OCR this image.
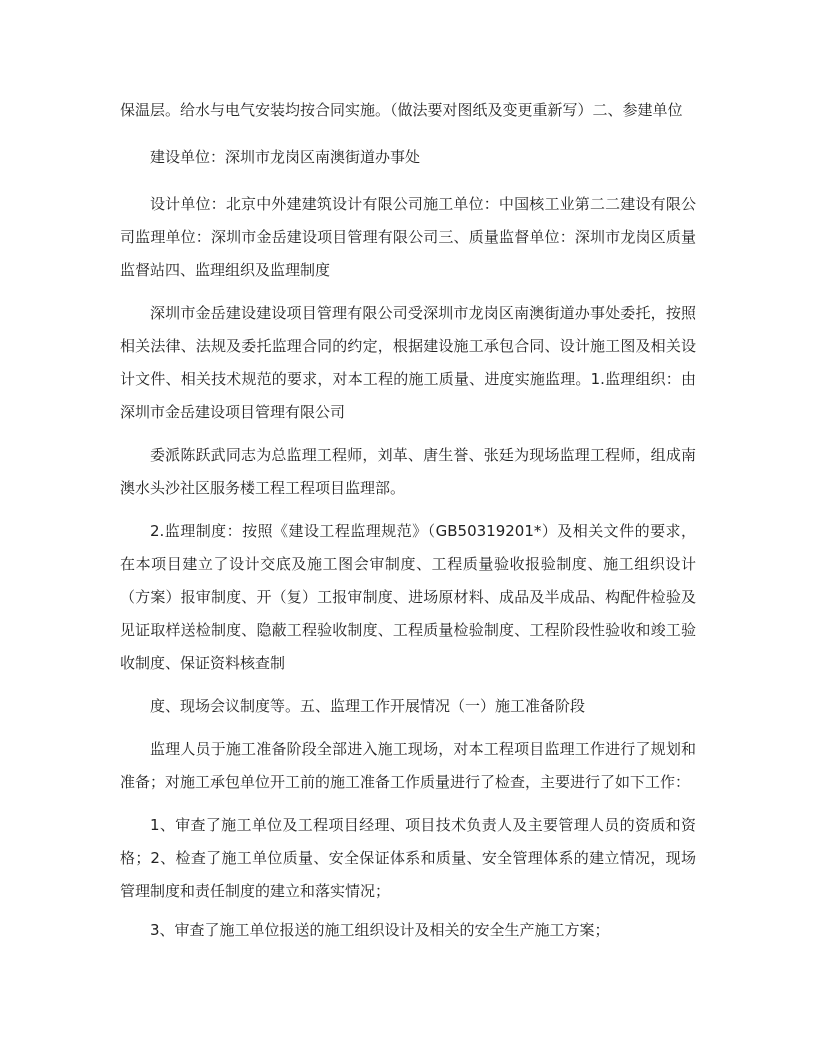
保温层。给水与电气安装均按合同实施。（做法要对图纸及变更重新写）二、参建单位

建设单位：深圳市龙岗区南澳街道办事处

设计单位：北京中外建建筑设计有限公司施工单位：中国核工业第二二建设有限公司监理单位：深圳市金岳建设项目管理有限公司三、质量监督单位：深圳市龙岗区质量监督站四、监理组织及监理制度

深圳市金岳建设建设项目管理有限公司受深圳市龙岗区南澳街道办事处委托，按照相关法律、法规及委托监理合同的约定，根据建设施工承包合同、设计施工图及相关设计文件、相关技术规范的要求，对本工程的施工质量、进度实施监理。1.监理组织：由深圳市金岳建设项目管理有限公司

委派陈跃武同志为总监理工程师，刘革、唐生誉、张廷为现场监理工程师，组成南澳水头沙社区服务楼工程工程项目监理部。

2.监理制度：按照《建设工程监理规范》（GB50319201*）及相关文件的要求，在本项目建立了设计交底及施工图会审制度、工程质量验收报验制度、施工组织设计（方案）报审制度、开（复）工报审制度、进场原材料、成品及半成品、构配件检验及见证取样送检制度、隐蔽工程验收制度、工程质量检验制度、工程阶段性验收和竣工验收制度、保证资料核查制

度、现场会议制度等。五、监理工作开展情况（一）施工准备阶段

监理人员于施工准备阶段全部进入施工现场，对本工程项目监理工作进行了规划和准备；对施工承包单位开工前的施工准备工作质量进行了检查，主要进行了如下工作：

1、审查了施工单位及工程项目经理、项目技术负责人及主要管理人员的资质和资格；2、检查了施工单位质量、安全保证体系和质量、安全管理体系的建立情况，现场管理制度和责任制度的建立和落实情况；

3、审查了施工单位报送的施工组织设计及相关的安全生产施工方案；
